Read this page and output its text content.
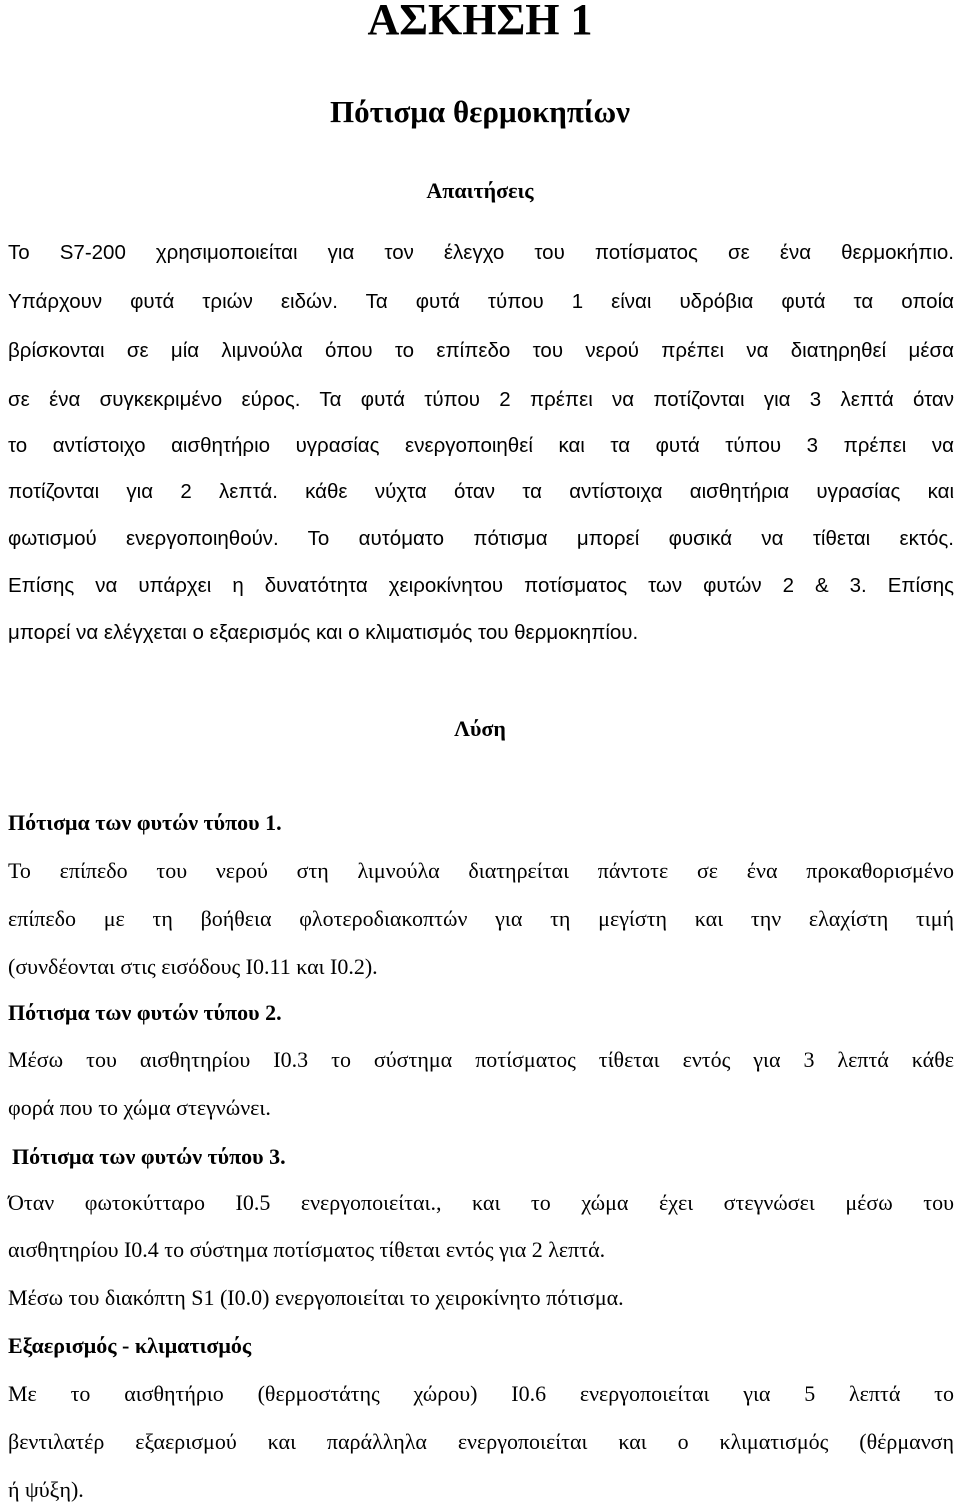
ΑΣΚΗΣΗ 1
Πότισμα θερμοκηπίων
Απαιτήσεις

Το S7-200 χρησιμοποιείται για τον έλεγχο του ποτίσματος σε ένα θερμοκήπιο.

Υπάρχουν φυτά τριών ειδών. Τα φυτά τύπου 1 είναι υδρόβια φυτά τα οποία

βρίσκονται σε μία λιμνούλα όπου το επίπεδο του νερού πρέπει να διατηρηθεί μέσα

σε ένα συγκεκριμένο εύρος. Τα φυτά τύπου 2 πρέπει να ποτίζονται για 3 λεπτά όταν

το αντίστοιχο αισθητήριο υγρασίας ενεργοποιηθεί και τα φυτά τύπου 3 πρέπει να

ποτίζονται για 2 λεπτά. κάθε νύχτα όταν τα αντίστοιχα αισθητήρια υγρασίας και

φωτισμού ενεργοποιηθούν. Το αυτόματο πότισμα μπορεί φυσικά να τίθεται εκτός.

Επίσης να υπάρχει η δυνατότητα χειροκίνητου ποτίσματος των φυτών 2 & 3. Επίσης

μπορεί να ελέγχεται ο εξαερισμός και ο κλιματισμός του θερμοκηπίου.

Λύση
Πότισμα των φυτών τύπου 1.

Το επίπεδο του νερού στη λιμνούλα διατηρείται πάντοτε σε ένα προκαθορισμένο

επίπεδο με τη βοήθεια φλοτεροδιακοπτών για τη μεγίστη και την ελαχίστη τιμή

(συνδέονται στις εισόδους I0.11 και I0.2).

Πότισμα των φυτών τύπου 2.

Μέσω του αισθητηρίου I0.3 το σύστημα ποτίσματος τίθεται εντός για 3 λεπτά κάθε

φορά που το χώμα στεγνώνει.

Πότισμα των φυτών τύπου 3.

Όταν φωτοκύτταρο I0.5 ενεργοποιείται., και το χώμα έχει στεγνώσει μέσω του

αισθητηρίου I0.4 το σύστημα ποτίσματος τίθεται εντός για 2 λεπτά.

Μέσω του διακόπτη S1 (I0.0) ενεργοποιείται το χειροκίνητο πότισμα.

Εξαερισμός - κλιματισμός

Με το αισθητήριο (θερμοστάτης χώρου) I0.6 ενεργοποιείται για 5 λεπτά το

βεντιλατέρ εξαερισμού και παράλληλα ενεργοποιείται και ο κλιματισμός (θέρμανση

ή ψύξη).
